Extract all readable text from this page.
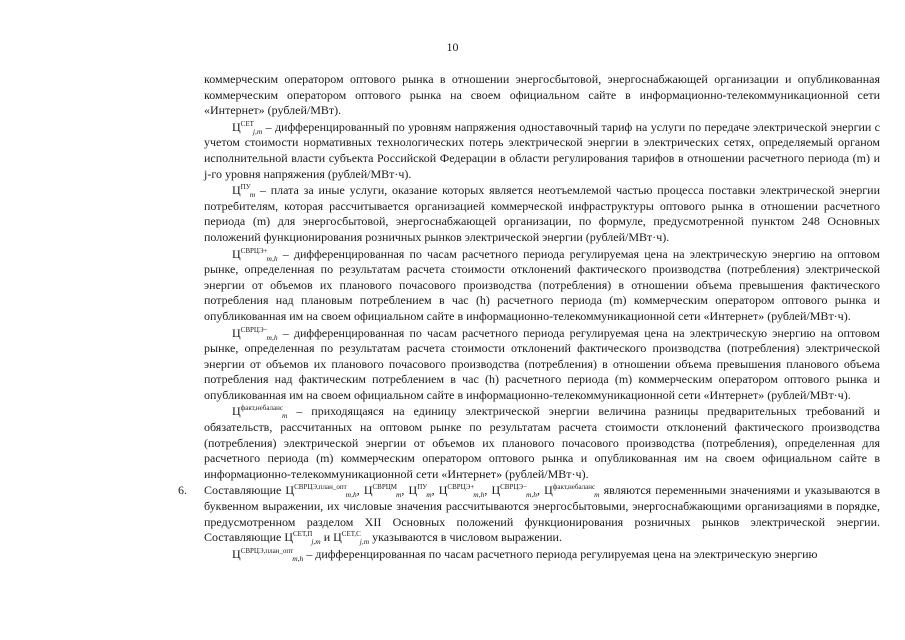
10

коммерческим оператором оптового рынка в отношении энергосбытовой, энергоснабжающей организации и опубликованная коммерческим оператором оптового рынка на своем официальном сайте в информационно-телекоммуникационной сети «Интернет» (рублей/МВт).

$Ц^{СЕТ}_{j,m}$ – дифференцированный по уровням напряжения одноставочный тариф на услуги по передаче электрической энергии с учетом стоимости нормативных технологических потерь электрической энергии в электрических сетях, определяемый органом исполнительной власти субъекта Российской Федерации в области регулирования тарифов в отношении расчетного периода (m) и j-го уровня напряжения (рублей/МВт·ч).

$Ц^{ПУ}_m$ – плата за иные услуги, оказание которых является неотъемлемой частью процесса поставки электрической энергии потребителям, которая рассчитывается организацией коммерческой инфраструктуры оптового рынка в отношении расчетного периода (m) для энергосбытовой, энергоснабжающей организации, по формуле, предусмотренной пунктом 248 Основных положений функционирования розничных рынков электрической энергии (рублей/МВт·ч).

$Ц^{СВРЦЭ+}_{m,h}$ – дифференцированная по часам расчетного периода регулируемая цена на электрическую энергию на оптовом рынке, определенная по результатам расчета стоимости отклонений фактического производства (потребления) электрической энергии от объемов их планового почасового производства (потребления) в отношении объема превышения фактического потребления над плановым потреблением в час (h) расчетного периода (m) коммерческим оператором оптового рынка и опубликованная им на своем официальном сайте в информационно-телекоммуникационной сети «Интернет» (рублей/МВт·ч).

$Ц^{СВРЦЭ-}_{m,h}$ – дифференцированная по часам расчетного периода регулируемая цена на электрическую энергию на оптовом рынке, определенная по результатам расчета стоимости отклонений фактического производства (потребления) электрической энергии от объемов их планового почасового производства (потребления) в отношении объема превышения планового объема потребления над фактическим потреблением в час (h) расчетного периода (m) коммерческим оператором оптового рынка и опубликованная им на своем официальном сайте в информационно-телекоммуникационной сети «Интернет» (рублей/МВт·ч).

$Ц^{факт,небаланс}_m$ – приходящаяся на единицу электрической энергии величина разницы предварительных требований и обязательств, рассчитанных на оптовом рынке по результатам расчета стоимости отклонений фактического производства (потребления) электрической энергии от объемов их планового почасового производства (потребления), определенная для расчетного периода (m) коммерческим оператором оптового рынка и опубликованная им на своем официальном сайте в информационно-телекоммуникационной сети «Интернет» (рублей/МВт·ч).

6. Составляющие $Ц^{СВРЦЭ,план\_опт}_{m,h}$, $Ц^{СВРЦМ}_m$, $Ц^{ПУ}_m$, $Ц^{СВРЦЭ+}_{m,h}$, $Ц^{СВРЦЭ-}_{m,h}$, $Ц^{факт,небаланс}_m$ являются переменными значениями и указываются в буквенном выражении, их числовые значения рассчитываются энергосбытовыми, энергоснабжающими организациями в порядке, предусмотренном разделом XII Основных положений функционирования розничных рынков электрической энергии. Составляющие $Ц^{СЕТ,П}_{j,m}$ и $Ц^{СЕТ,С}_{j,m}$ указываются в числовом выражении.

$Ц^{СВРЦЭ,план\_опт}_{m,h}$ – дифференцированная по часам расчетного периода регулируемая цена на электрическую энергию
